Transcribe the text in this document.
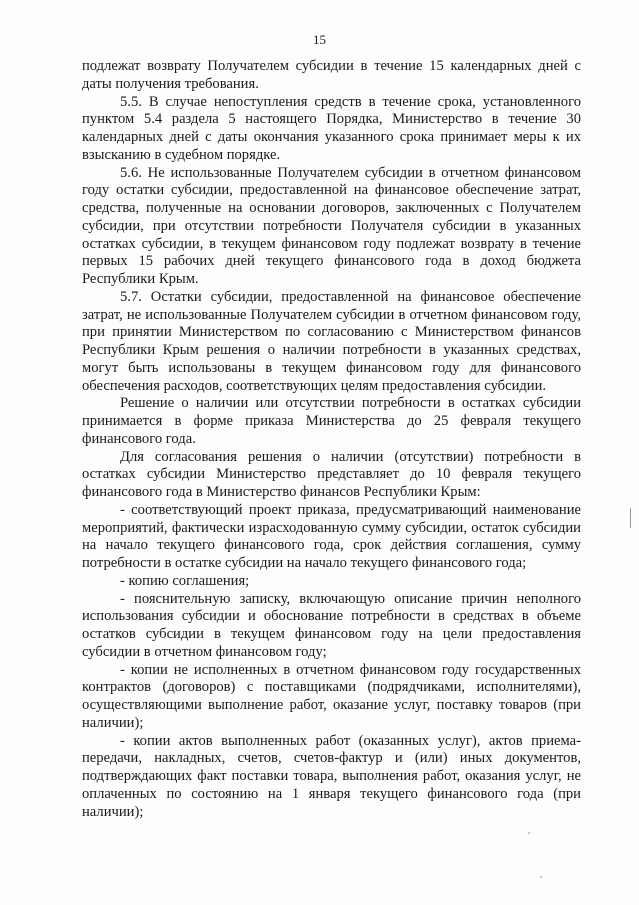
15

подлежат возврату Получателем субсидии в течение 15 календарных дней с даты получения требования.

5.5. В случае непоступления средств в течение срока, установленного пунктом 5.4 раздела 5 настоящего Порядка, Министерство в течение 30 календарных дней с даты окончания указанного срока принимает меры к их взысканию в судебном порядке.

5.6. Не использованные Получателем субсидии в отчетном финансовом году остатки субсидии, предоставленной на финансовое обеспечение затрат, средства, полученные на основании договоров, заключенных с Получателем субсидии, при отсутствии потребности Получателя субсидии в указанных остатках субсидии, в текущем финансовом году подлежат возврату в течение первых 15 рабочих дней текущего финансового года в доход бюджета Республики Крым.

5.7. Остатки субсидии, предоставленной на финансовое обеспечение затрат, не использованные Получателем субсидии в отчетном финансовом году, при принятии Министерством по согласованию с Министерством финансов Республики Крым решения о наличии потребности в указанных средствах, могут быть использованы в текущем финансовом году для финансового обеспечения расходов, соответствующих целям предоставления субсидии.

Решение о наличии или отсутствии потребности в остатках субсидии принимается в форме приказа Министерства до 25 февраля текущего финансового года.

Для согласования решения о наличии (отсутствии) потребности в остатках субсидии Министерство представляет до 10 февраля текущего финансового года в Министерство финансов Республики Крым:

- соответствующий проект приказа, предусматривающий наименование мероприятий, фактически израсходованную сумму субсидии, остаток субсидии на начало текущего финансового года, срок действия соглашения, сумму потребности в остатке субсидии на начало текущего финансового года;

- копию соглашения;

- пояснительную записку, включающую описание причин неполного использования субсидии и обоснование потребности в средствах в объеме остатков субсидии в текущем финансовом году на цели предоставления субсидии в отчетном финансовом году;

- копии не исполненных в отчетном финансовом году государственных контрактов (договоров) с поставщиками (подрядчиками, исполнителями), осуществляющими выполнение работ, оказание услуг, поставку товаров (при наличии);

- копии актов выполненных работ (оказанных услуг), актов приема-передачи, накладных, счетов, счетов-фактур и (или) иных документов, подтверждающих факт поставки товара, выполнения работ, оказания услуг, не оплаченных по состоянию на 1 января текущего финансового года (при наличии);
